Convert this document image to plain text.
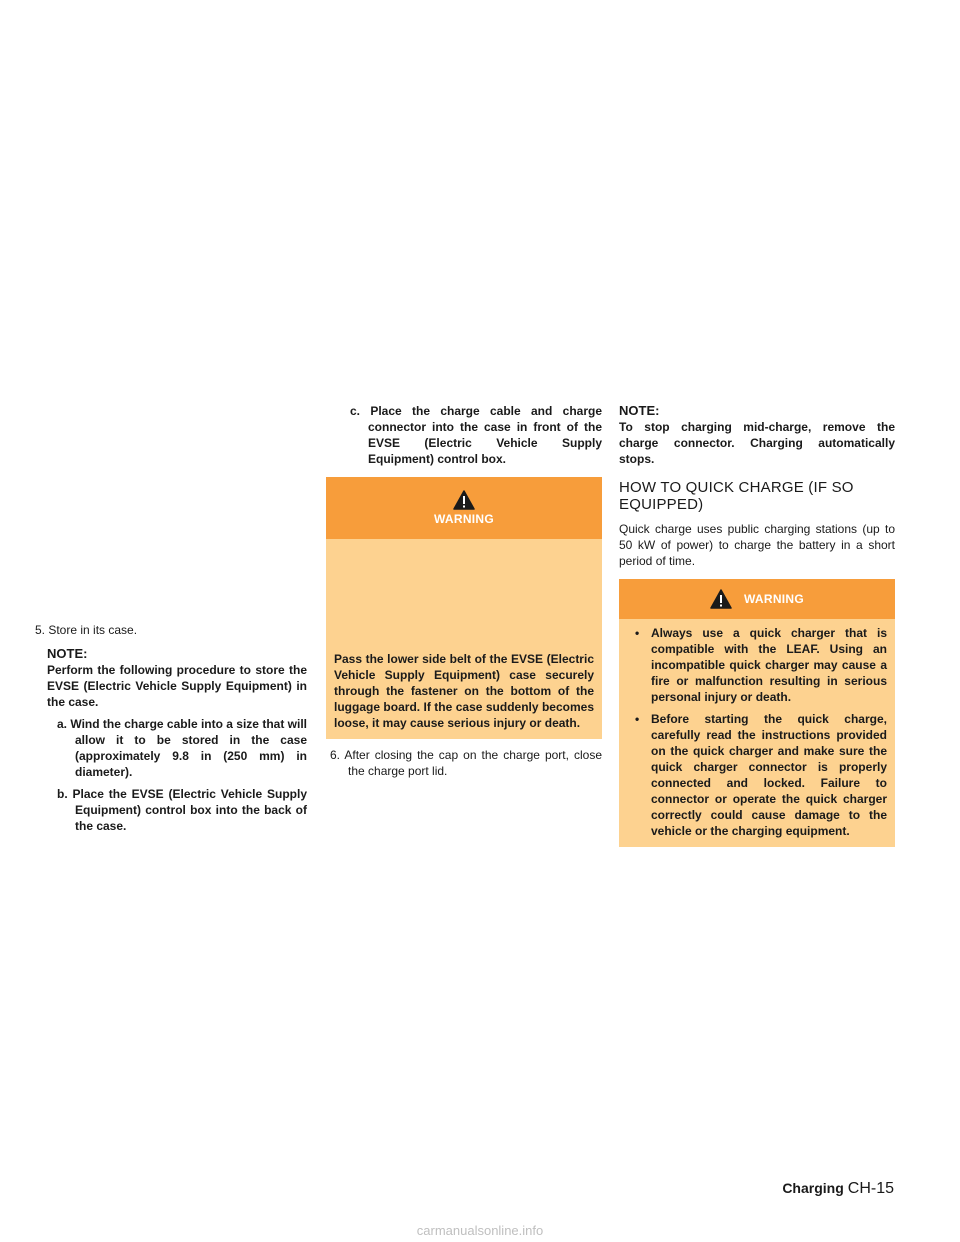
5. Store in its case.

NOTE:

Perform the following procedure to store the EVSE (Electric Vehicle Supply Equipment) in the case.

a. Wind the charge cable into a size that will allow it to be stored in the case (approximately 9.8 in (250 mm) in diameter).

b. Place the EVSE (Electric Vehicle Supply Equipment) control box into the back of the case.

c. Place the charge cable and charge connector into the case in front of the EVSE (Electric Vehicle Supply Equipment) control box.

WARNING
Pass the lower side belt of the EVSE (Electric Vehicle Supply Equipment) case securely through the fastener on the bottom of the luggage board. If the case suddenly becomes loose, it may cause serious injury or death.

6. After closing the cap on the charge port, close the charge port lid.

NOTE:

To stop charging mid-charge, remove the charge connector. Charging automatically stops.

HOW TO QUICK CHARGE (IF SO EQUIPPED)

Quick charge uses public charging stations (up to 50 kW of power) to charge the battery in a short period of time.

WARNING
• Always use a quick charger that is compatible with the LEAF. Using an incompatible quick charger may cause a fire or malfunction resulting in serious personal injury or death.
• Before starting the quick charge, carefully read the instructions provided on the quick charger and make sure the quick charger connector is properly connected and locked. Failure to connector or operate the quick charger correctly could cause damage to the vehicle or the charging equipment.
Charging CH-15
carmanualsonline.info
